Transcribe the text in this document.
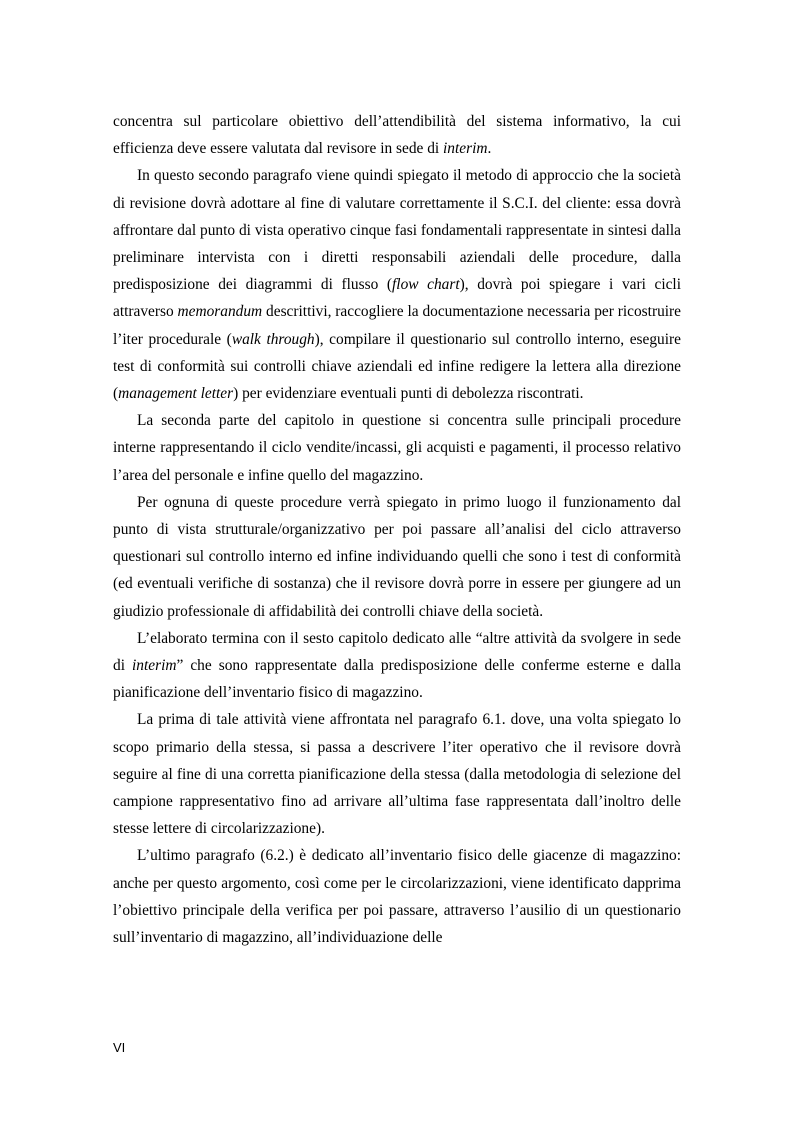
concentra sul particolare obiettivo dell’attendibilità del sistema informativo, la cui efficienza deve essere valutata dal revisore in sede di interim.

In questo secondo paragrafo viene quindi spiegato il metodo di approccio che la società di revisione dovrà adottare al fine di valutare correttamente il S.C.I. del cliente: essa dovrà affrontare dal punto di vista operativo cinque fasi fondamentali rappresentate in sintesi dalla preliminare intervista con i diretti responsabili aziendali delle procedure, dalla predisposizione dei diagrammi di flusso (flow chart), dovrà poi spiegare i vari cicli attraverso memorandum descrittivi, raccogliere la documentazione necessaria per ricostruire l’iter procedurale (walk through), compilare il questionario sul controllo interno, eseguire test di conformità sui controlli chiave aziendali ed infine redigere la lettera alla direzione (management letter) per evidenziare eventuali punti di debolezza riscontrati.

La seconda parte del capitolo in questione si concentra sulle principali procedure interne rappresentando il ciclo vendite/incassi, gli acquisti e pagamenti, il processo relativo l’area del personale e infine quello del magazzino.

Per ognuna di queste procedure verrà spiegato in primo luogo il funzionamento dal punto di vista strutturale/organizzativo per poi passare all’analisi del ciclo attraverso questionari sul controllo interno ed infine individuando quelli che sono i test di conformità (ed eventuali verifiche di sostanza) che il revisore dovrà porre in essere per giungere ad un giudizio professionale di affidabilità dei controlli chiave della società.

L’elaborato termina con il sesto capitolo dedicato alle “altre attività da svolgere in sede di interim” che sono rappresentate dalla predisposizione delle conferme esterne e dalla pianificazione dell’inventario fisico di magazzino.

La prima di tale attività viene affrontata nel paragrafo 6.1. dove, una volta spiegato lo scopo primario della stessa, si passa a descrivere l’iter operativo che il revisore dovrà seguire al fine di una corretta pianificazione della stessa (dalla metodologia di selezione del campione rappresentativo fino ad arrivare all’ultima fase rappresentata dall’inoltro delle stesse lettere di circolarizzazione).

L’ultimo paragrafo (6.2.) è dedicato all’inventario fisico delle giacenze di magazzino: anche per questo argomento, così come per le circolarizzazioni, viene identificato dapprima l’obiettivo principale della verifica per poi passare, attraverso l’ausilio di un questionario sull’inventario di magazzino, all’individuazione delle

VI
